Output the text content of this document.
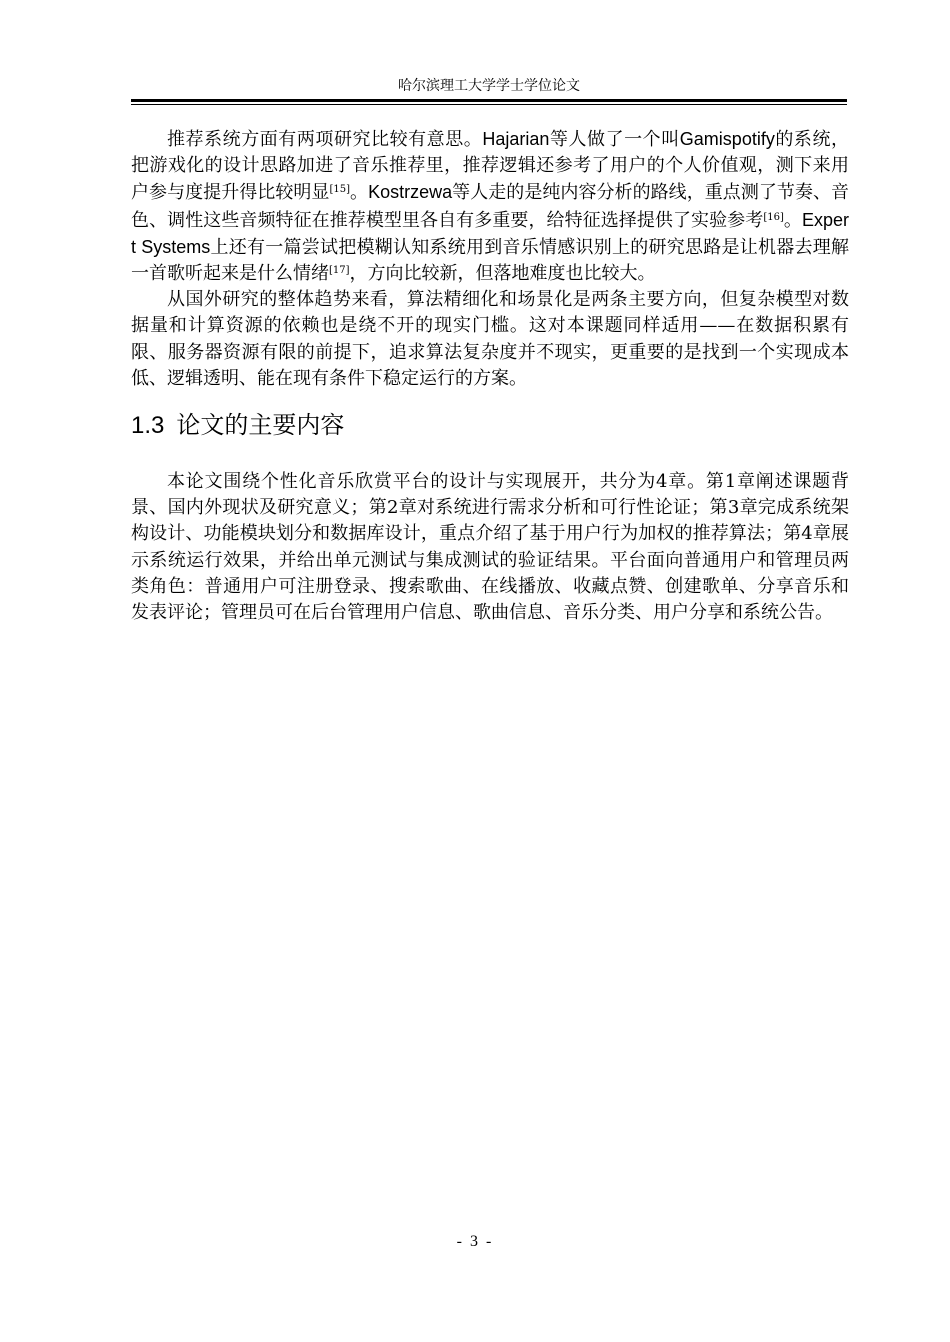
哈尔滨理工大学学士学位论文

推荐系统方面有两项研究比较有意思。Hajarian等人做了一个叫Gamispotify的系统，把游戏化的设计思路加进了音乐推荐里，推荐逻辑还参考了用户的个人价值观，测下来用户参与度提升得比较明显[15]。Kostrzewa等人走的是纯内容分析的路线，重点测了节奏、音色、调性这些音频特征在推荐模型里各自有多重要，给特征选择提供了实验参考[16]。Expert Systems上还有一篇尝试把模糊认知系统用到音乐情感识别上的研究思路是让机器去理解一首歌听起来是什么情绪[17]，方向比较新，但落地难度也比较大。

从国外研究的整体趋势来看，算法精细化和场景化是两条主要方向，但复杂模型对数据量和计算资源的依赖也是绕不开的现实门槛。这对本课题同样适用——在数据积累有限、服务器资源有限的前提下，追求算法复杂度并不现实，更重要的是找到一个实现成本低、逻辑透明、能在现有条件下稳定运行的方案。

1.3 论文的主要内容

本论文围绕个性化音乐欣赏平台的设计与实现展开，共分为4章。第1章阐述课题背景、国内外现状及研究意义；第2章对系统进行需求分析和可行性论证；第3章完成系统架构设计、功能模块划分和数据库设计，重点介绍了基于用户行为加权的推荐算法；第4章展示系统运行效果，并给出单元测试与集成测试的验证结果。平台面向普通用户和管理员两类角色：普通用户可注册登录、搜索歌曲、在线播放、收藏点赞、创建歌单、分享音乐和发表评论；管理员可在后台管理用户信息、歌曲信息、音乐分类、用户分享和系统公告。

- 3 -
